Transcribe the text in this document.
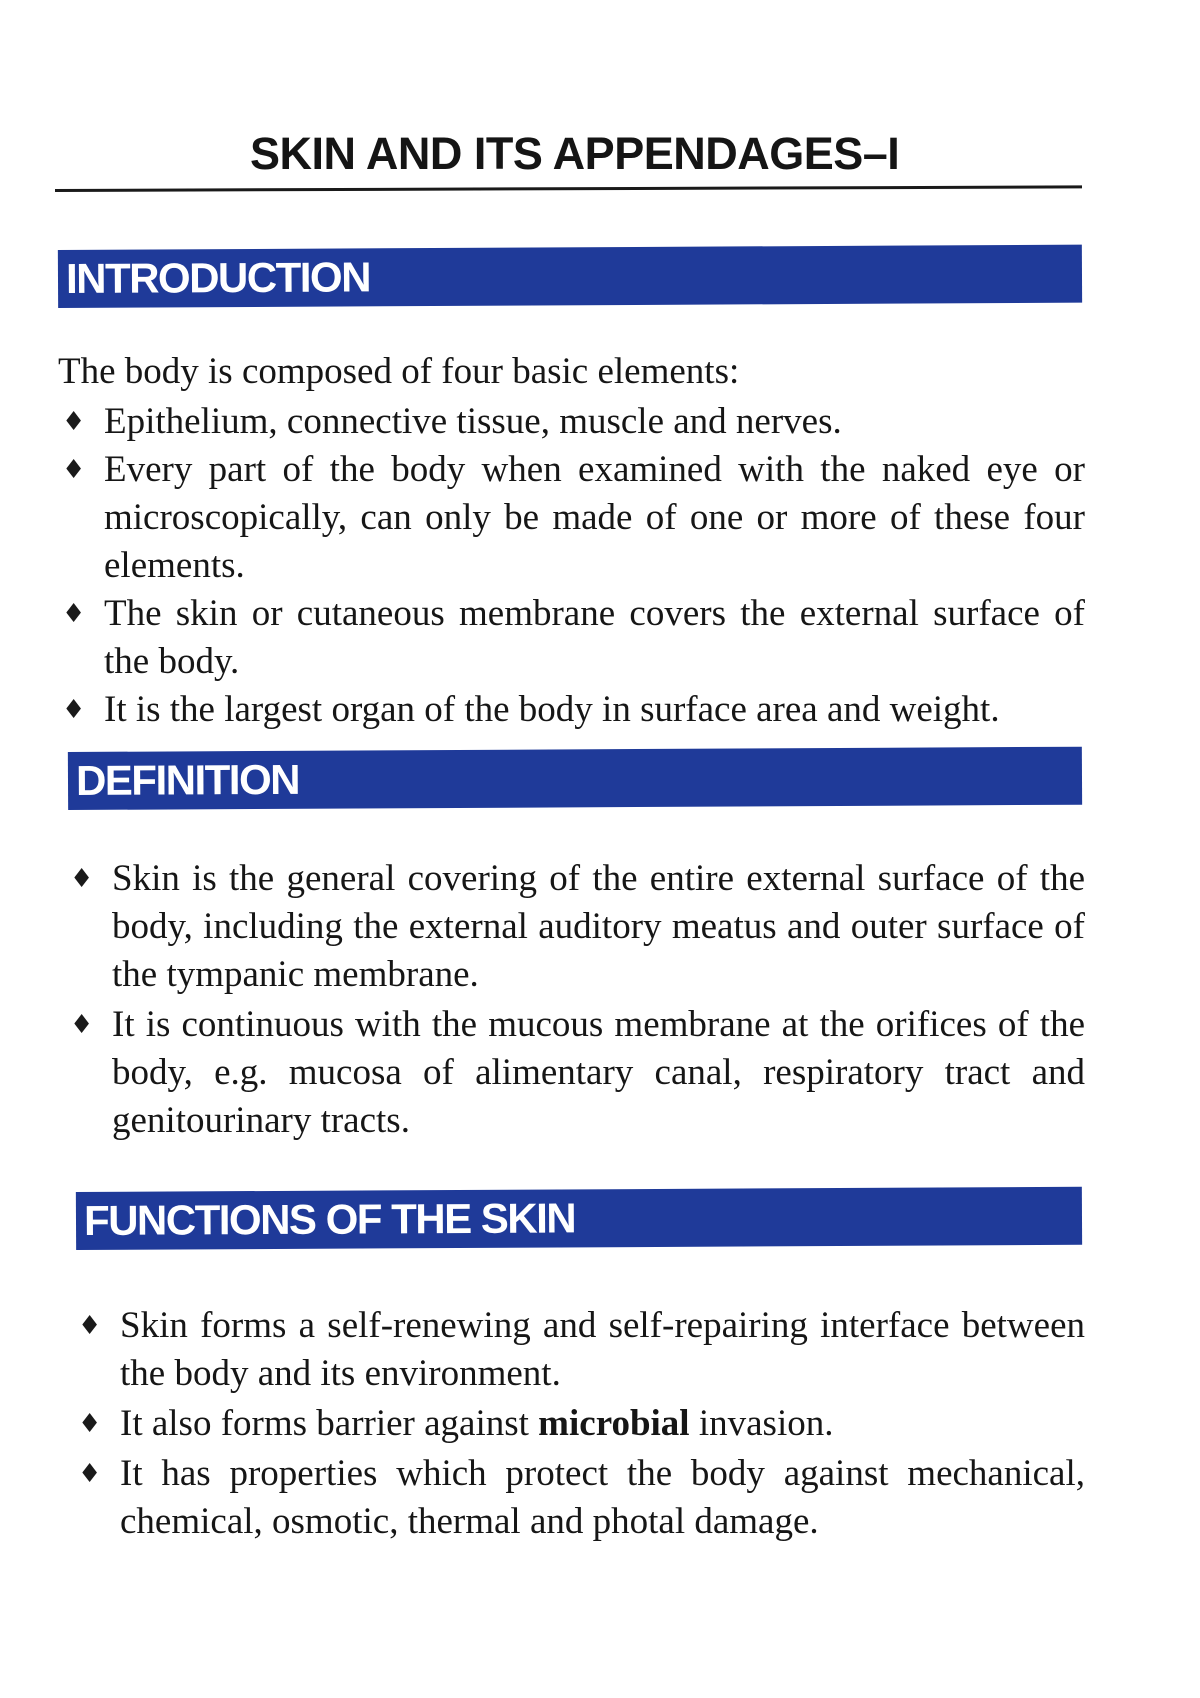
SKIN AND ITS APPENDAGES–I
INTRODUCTION

The body is composed of four basic elements:

♦ Epithelium, connective tissue, muscle and nerves.
♦ Every part of the body when examined with the naked eye or microscopically, can only be made of one or more of these four elements.
♦ The skin or cutaneous membrane covers the external surface of the body.
♦ It is the largest organ of the body in surface area and weight.
DEFINITION
♦ Skin is the general covering of the entire external surface of the body, including the external auditory meatus and outer surface of the tympanic membrane.
♦ It is continuous with the mucous membrane at the orifices of the body, e.g. mucosa of alimentary canal, respiratory tract and genitourinary tracts.
FUNCTIONS OF THE SKIN
♦ Skin forms a self-renewing and self-repairing interface between the body and its environment.
♦ It also forms barrier against microbial invasion.
♦ It has properties which protect the body against mechanical, chemical, osmotic, thermal and photal damage.
